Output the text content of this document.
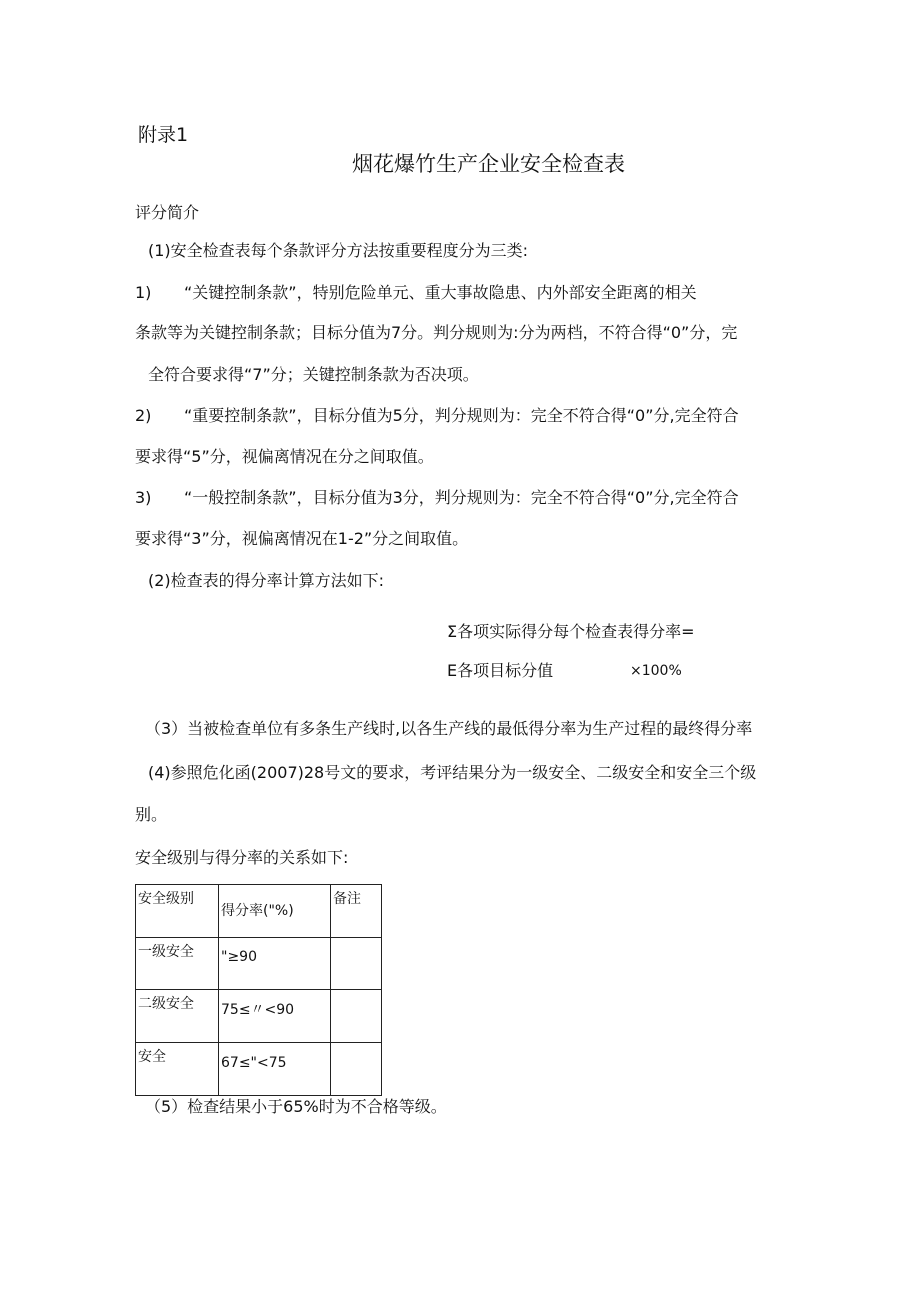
附录1
烟花爆竹生产企业安全检查表
评分简介
(1)安全检查表每个条款评分方法按重要程度分为三类:
1) “关键控制条款”，特别危险单元、重大事故隐患、内外部安全距离的相关
条款等为关键控制条款；目标分值为7分。判分规则为:分为两档，不符合得“0”分，完
全符合要求得“7”分；关键控制条款为否决项。
2) “重要控制条款”，目标分值为5分，判分规则为：完全不符合得“0”分,完全符合
要求得“5”分，视偏离情况在分之间取值。
3) “一般控制条款”，目标分值为3分，判分规则为：完全不符合得“0”分,完全符合
要求得“3”分，视偏离情况在1-2”分之间取值。
(2)检查表的得分率计算方法如下:
Σ各项实际得分每个检查表得分率=
E各项目标分值	×100%
（3）当被检查单位有多条生产线时,以各生产线的最低得分率为生产过程的最终得分率
(4)参照危化函(2007)28号文的要求，考评结果分为一级安全、二级安全和安全三个级
别。
安全级别与得分率的关系如下:
安全级别	得分率("%)	备注
一级安全	"≥90	
二级安全	75≤〃<90	
安全	67≤"<75	
（5）检查结果小于65%时为不合格等级。
